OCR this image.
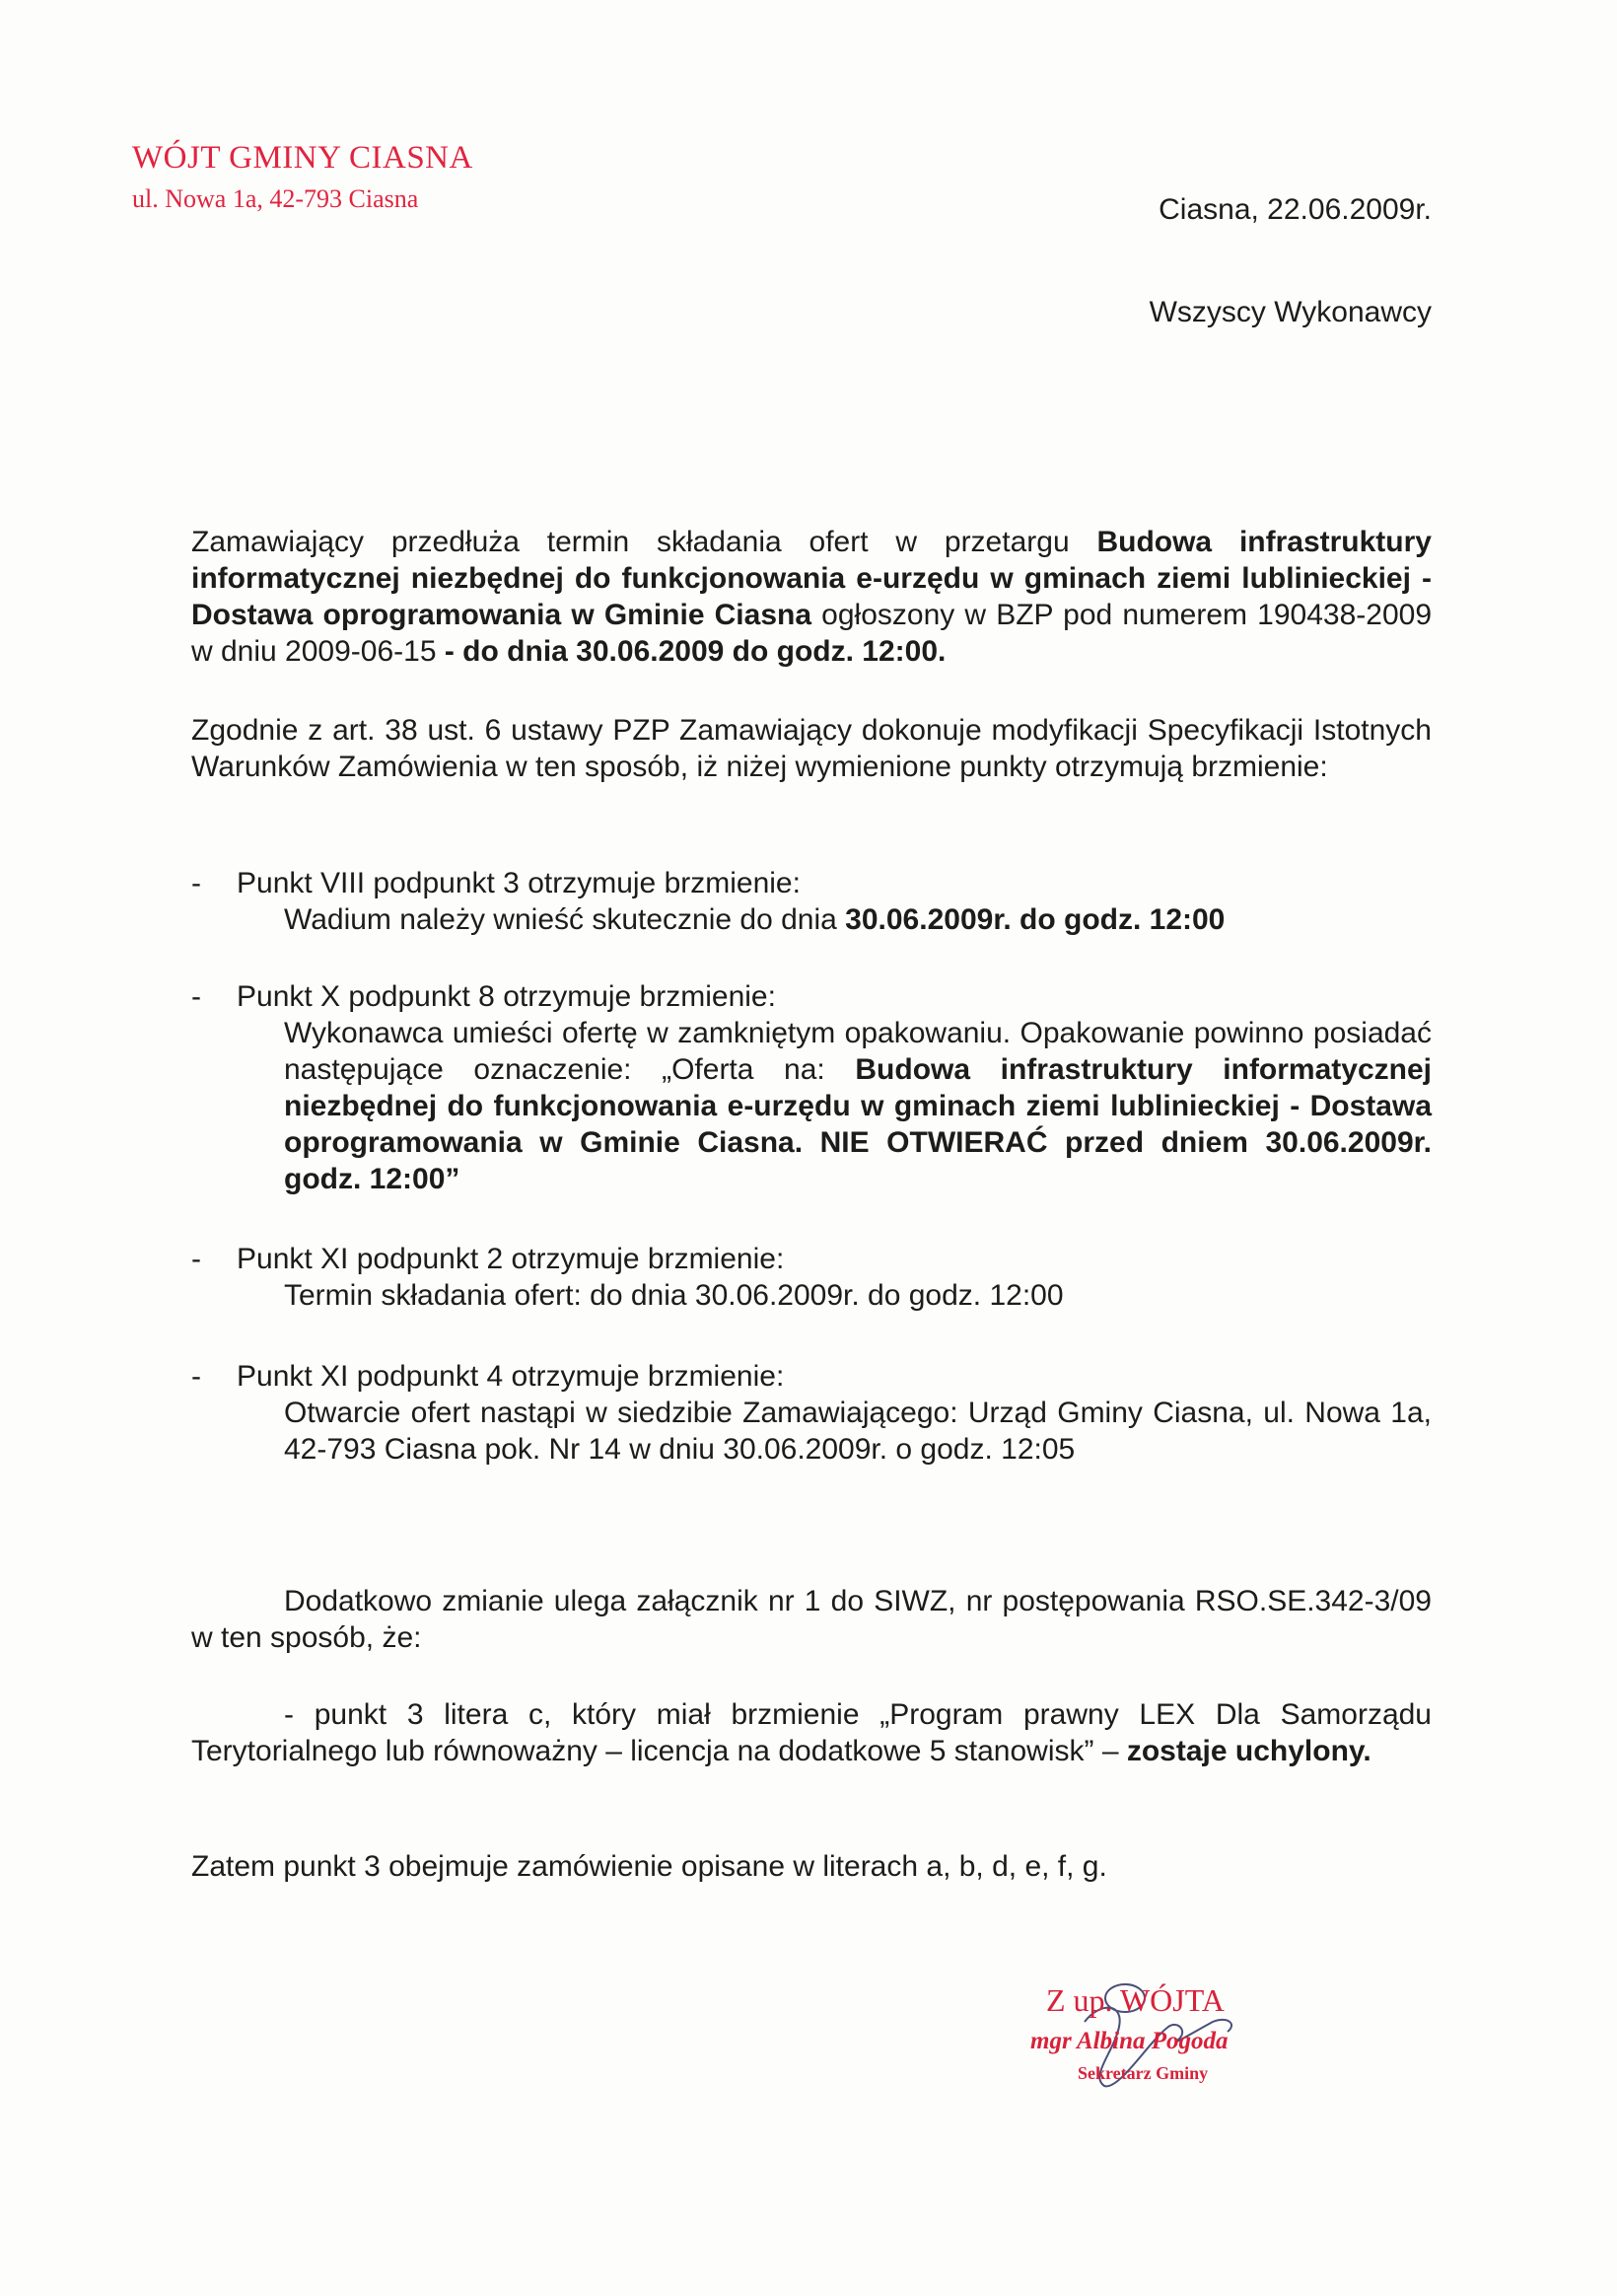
WÓJT GMINY CIASNA
ul. Nowa 1a, 42-793 Ciasna	Ciasna, 22.06.2009r.
Wszyscy Wykonawcy
Zamawiający przedłuża termin składania ofert w przetargu Budowa infrastruktury informatycznej niezbędnej do funkcjonowania e-urzędu w gminach ziemi lublinieckiej - Dostawa oprogramowania w Gminie Ciasna ogłoszony w BZP pod numerem 190438-2009 w dniu 2009-06-15 - do dnia 30.06.2009 do godz. 12:00.
Zgodnie z art. 38 ust. 6 ustawy PZP Zamawiający dokonuje modyfikacji Specyfikacji Istotnych Warunków Zamówienia w ten sposób, iż niżej wymienione punkty otrzymują brzmienie:
- Punkt VIII podpunkt 3 otrzymuje brzmienie:
Wadium należy wnieść skutecznie do dnia 30.06.2009r. do godz. 12:00
- Punkt X podpunkt 8 otrzymuje brzmienie:
Wykonawca umieści ofertę w zamkniętym opakowaniu. Opakowanie powinno posiadać następujące oznaczenie: „Oferta na: Budowa infrastruktury informatycznej niezbędnej do funkcjonowania e-urzędu w gminach ziemi lublinieckiej - Dostawa oprogramowania w Gminie Ciasna. NIE OTWIERAĆ przed dniem 30.06.2009r. godz. 12:00”
- Punkt XI podpunkt 2 otrzymuje brzmienie:
Termin składania ofert: do dnia 30.06.2009r. do godz. 12:00
- Punkt XI podpunkt 4 otrzymuje brzmienie:
Otwarcie ofert nastąpi w siedzibie Zamawiającego: Urząd Gminy Ciasna, ul. Nowa 1a, 42-793 Ciasna pok. Nr 14 w dniu 30.06.2009r. o godz. 12:05
Dodatkowo zmianie ulega załącznik nr 1 do SIWZ, nr postępowania RSO.SE.342-3/09 w ten sposób, że:
- punkt 3 litera c, który miał brzmienie „Program prawny LEX Dla Samorządu Terytorialnego lub równoważny – licencja na dodatkowe 5 stanowisk” – zostaje uchylony.
Zatem punkt 3 obejmuje zamówienie opisane w literach a, b, d, e, f, g.
Z up. WÓJTA
mgr Albina Pogoda
Sekretarz Gminy
